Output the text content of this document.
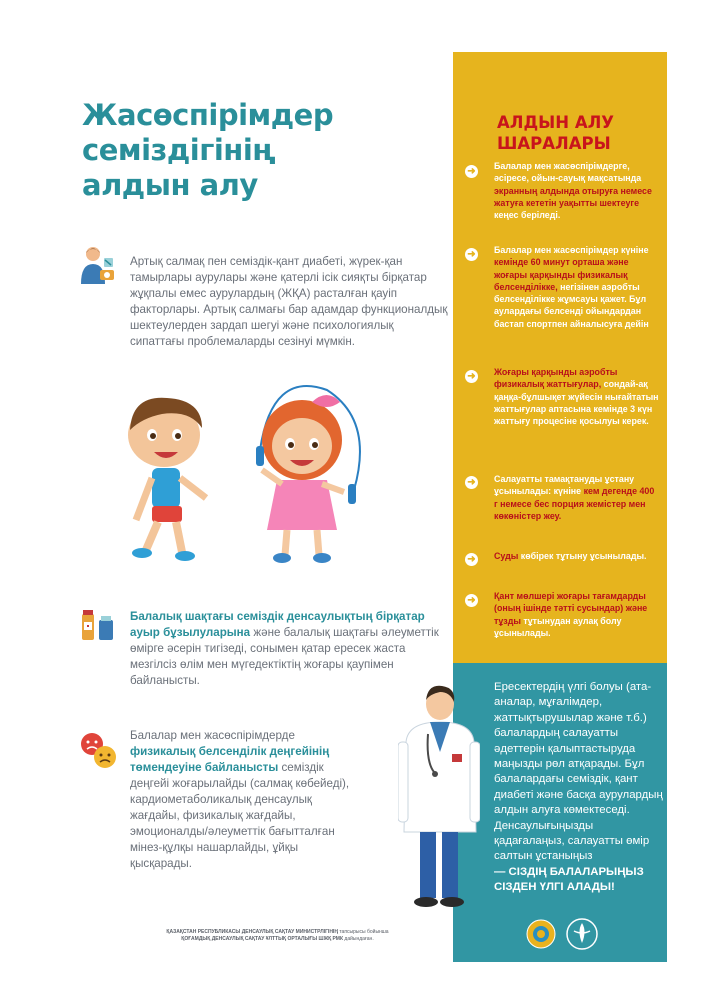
Жасөспірімдер
семіздігінің
алдын алу

Артық салмақ пен семіздік-қант диабеті, жүрек-қан тамырлары аурулары және қатерлі ісік сияқты бірқатар жұқпалы емес аурулардың (ЖҚА) расталған қауіп факторлары. Артық салмағы бар адамдар функционалдық шектеулерден зардап шегуі және психологиялық сипаттағы проблемаларды сезінуі мүмкін.

Балалық шақтағы семіздік денсаулықтың бірқатар ауыр бұзылуларына және балалық шақтағы әлеуметтік өмірге әсерін тигізеді, сонымен қатар ересек жаста мезгілсіз өлім мен мүгедектіктің жоғары қаупімен байланысты.

Балалар мен жасөспірімдерде физикалық белсенділік деңгейінің төмендеуіне байланысты семіздік деңгейі жоғарылайды (салмақ көбейеді), кардиометаболикалық денсаулық жағдайы, физикалық жағдайы, эмоционалды/әлеуметтік бағытталған мінез-құлқы нашарлайды, ұйқы қысқарады.

АЛДЫН АЛУ
ШАРАЛАРЫ
➜ Балалар мен жасөспірімдерге, әсіресе, ойын-сауық мақсатында экранның алдында отыруға немесе жатуға кететін уақытты шектеуге кеңес беріледі.
➜ Балалар мен жасөспірімдер күніне кемінде 60 минут орташа және жоғары қарқынды физикалық белсенділікке, негізінен аэробты белсенділікке жұмсауы қажет. Бұл аулардағы белсенді ойындардан бастап спортпен айналысуға дейін
➜ Жоғары қарқынды аэробты физикалық жаттығулар, сондай-ақ қаңқа-бұлшықет жүйесін нығайтатын жаттығулар аптасына кемінде 3 күн жаттығу процесіне қосылуы керек.
➜ Салауатты тамақтануды ұстану ұсынылады: күніне кем дегенде 400 г немесе бес порция жемістер мен көкөністер жеу.
➜ Суды көбірек тұтыну ұсынылады.
➜ Қант мөлшері жоғары тағамдарды (оның ішінде тәтті сусындар) және тұзды тұтынудан аулақ болу ұсынылады.
Ересектердің үлгі болуы (ата-аналар, мұғалімдер, жаттықтырушылар және т.б.) балалардың салауатты әдеттерін қалыптастыруда маңызды рөл атқарады. Бұл балалардағы семіздік, қант диабеті және басқа аурулардың алдын алуға көмектеседі. Денсаулығыңызды қадағалаңыз, салауатты өмір салтын ұстаныңыз
— СІЗДІҢ БАЛАЛАРЫҢЫЗ СІЗДЕН ҮЛГІ АЛАДЫ!
ҚАЗАҚСТАН РЕСПУБЛИКАСЫ ДЕНСАУЛЫҚ САҚТАУ МИНИСТРЛІГІНІҢ тапсырысы бойынша
ҚОҒАМДЫҚ ДЕНСАУЛЫҚ САҚТАУ ҰЛТТЫҚ ОРТАЛЫҒЫ ШЖҚ РМК дайындаған.
